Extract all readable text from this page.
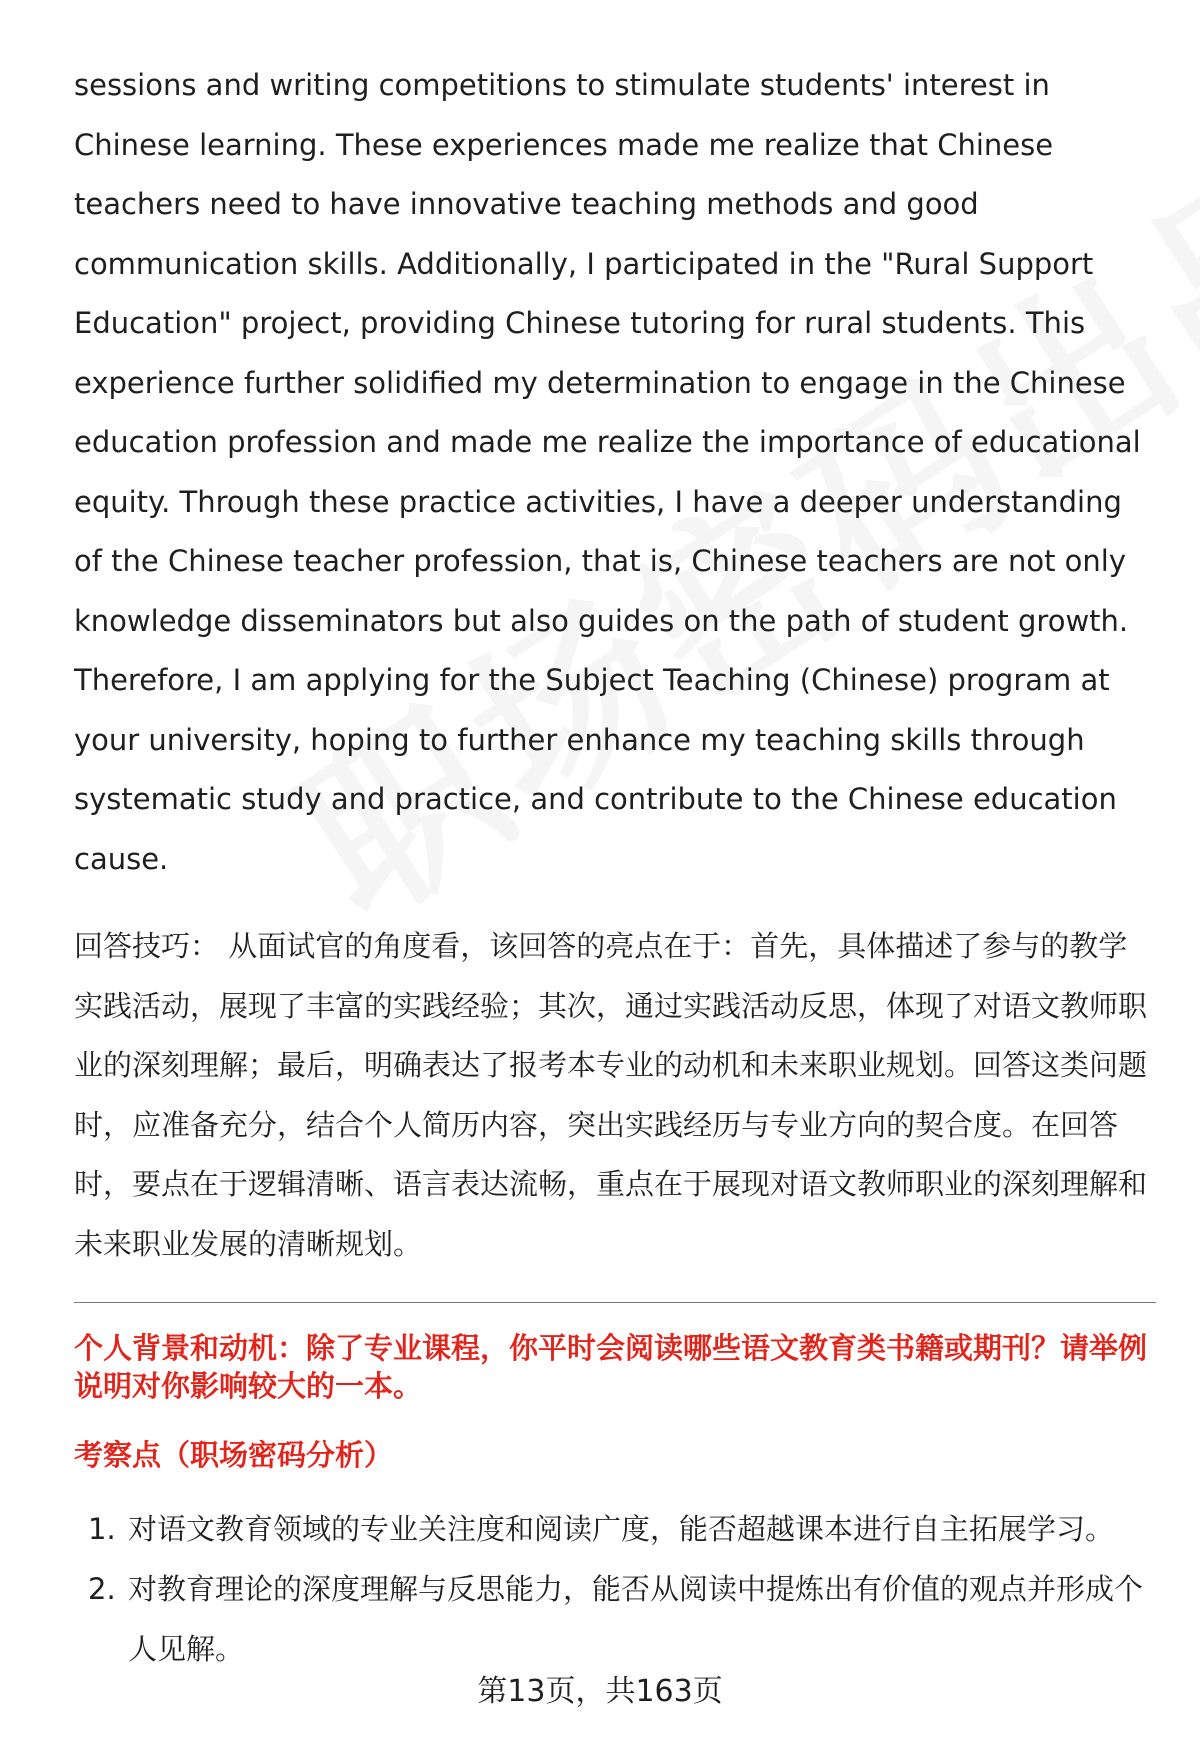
sessions and writing competitions to stimulate students' interest in Chinese learning. These experiences made me realize that Chinese teachers need to have innovative teaching methods and good communication skills. Additionally, I participated in the "Rural Support Education" project, providing Chinese tutoring for rural students. This experience further solidified my determination to engage in the Chinese education profession and made me realize the importance of educational equity. Through these practice activities, I have a deeper understanding of the Chinese teacher profession, that is, Chinese teachers are not only knowledge disseminators but also guides on the path of student growth. Therefore, I am applying for the Subject Teaching (Chinese) program at your university, hoping to further enhance my teaching skills through systematic study and practice, and contribute to the Chinese education cause.

回答技巧： 从面试官的角度看，该回答的亮点在于：首先，具体描述了参与的教学实践活动，展现了丰富的实践经验；其次，通过实践活动反思，体现了对语文教师职业的深刻理解；最后，明确表达了报考本专业的动机和未来职业规划。回答这类问题时，应准备充分，结合个人简历内容，突出实践经历与专业方向的契合度。在回答时，要点在于逻辑清晰、语言表达流畅，重点在于展现对语文教师职业的深刻理解和未来职业发展的清晰规划。

个人背景和动机：除了专业课程，你平时会阅读哪些语文教育类书籍或期刊？请举例说明对你影响较大的一本。

考察点（职场密码分析）

1. 对语文教育领域的专业关注度和阅读广度，能否超越课本进行自主拓展学习。
2. 对教育理论的深度理解与反思能力，能否从阅读中提炼出有价值的观点并形成个人见解。
第13页，共163页
